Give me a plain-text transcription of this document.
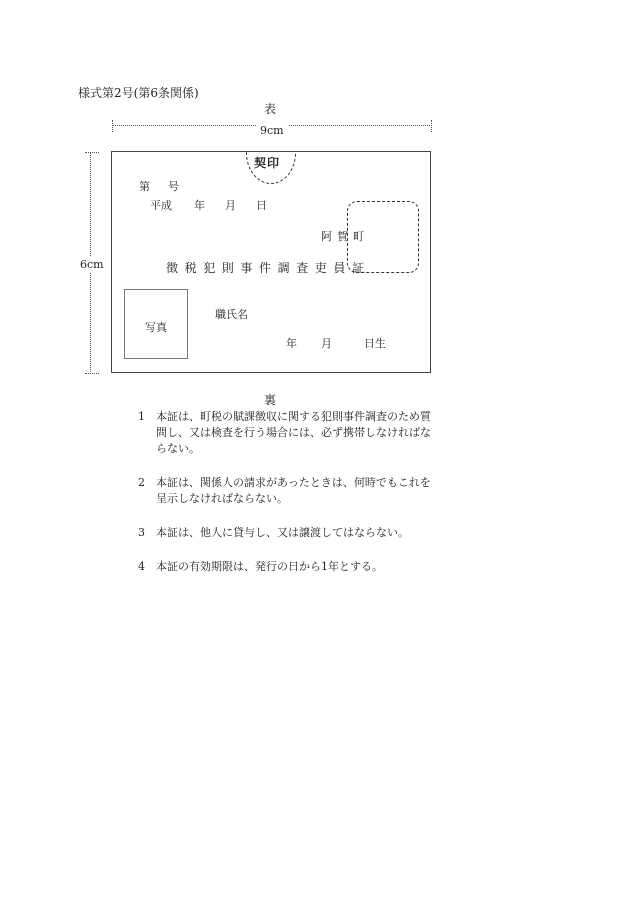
様式第2号(第6条関係)
表
9cm
6cm
契印
第 号
平成 年 月 日
阿賀町
徴税犯則事件調査吏員証
写真
職氏名
年 月	日生
裏
1	本証は、町税の賦課徴収に関する犯則事件調査のため質問し、又は検査を行う場合には、必ず携帯しなければならない。
2	本証は、関係人の請求があったときは、何時でもこれを呈示しなければならない。
3	本証は、他人に貸与し、又は譲渡してはならない。
4	本証の有効期限は、発行の日から1年とする。
